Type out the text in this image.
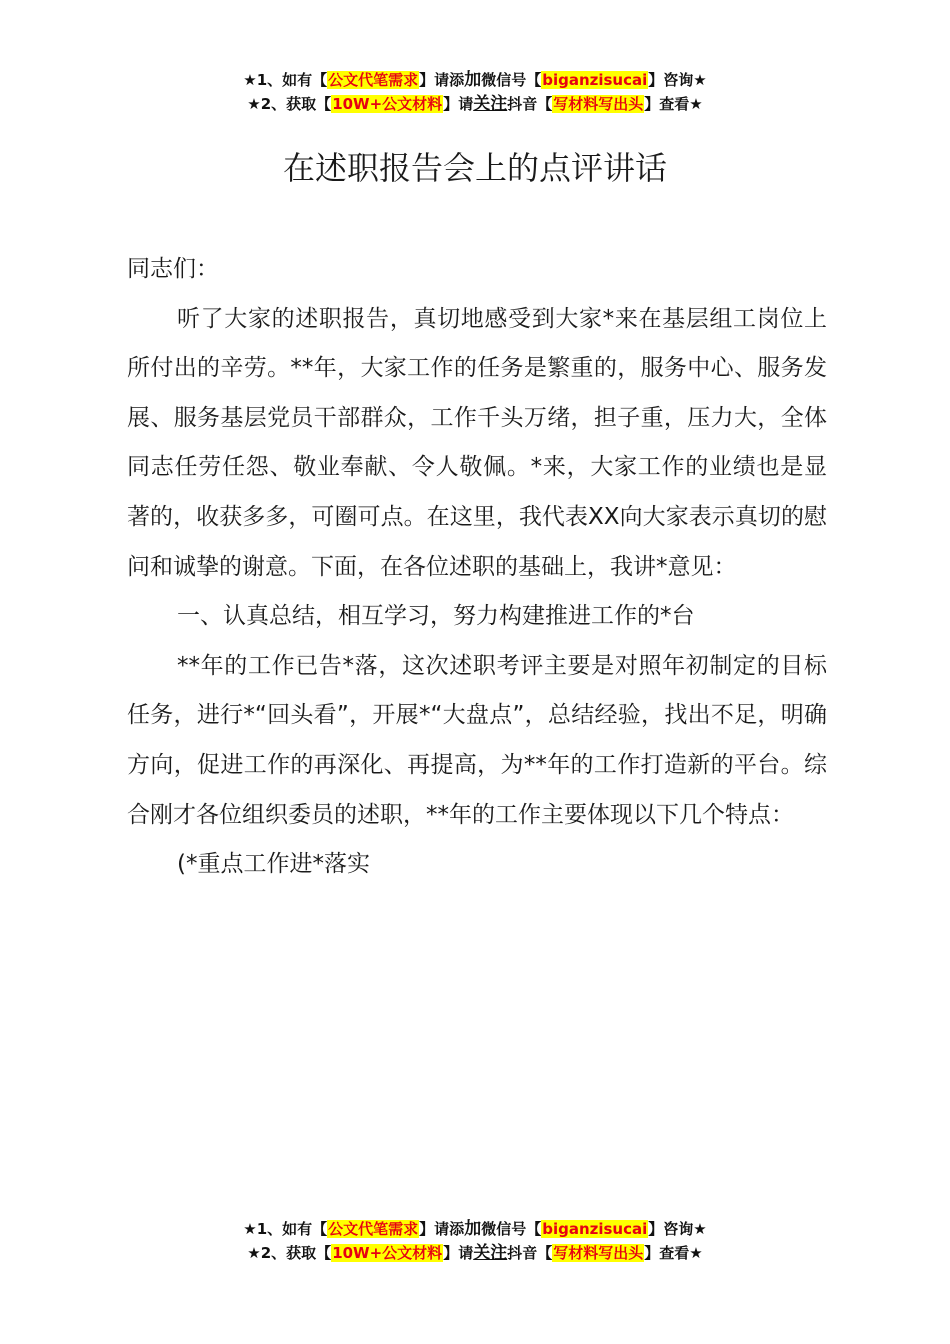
★1、如有【公文代笔需求】请添加微信号【biganzisucai】咨询★
★2、获取【10W+公文材料】请关注抖音【写材料写出头】查看★
在述职报告会上的点评讲话

同志们：

听了大家的述职报告，真切地感受到大家*来在基层组工岗位上所付出的辛劳。**年，大家工作的任务是繁重的，服务中心、服务发展、服务基层党员干部群众，工作千头万绪，担子重，压力大，全体同志任劳任怨、敬业奉献、令人敬佩。*来，大家工作的业绩也是显著的，收获多多，可圈可点。在这里，我代表XX向大家表示真切的慰问和诚挚的谢意。下面，在各位述职的基础上，我讲*意见：

一、认真总结，相互学习，努力构建推进工作的*台

**年的工作已告*落，这次述职考评主要是对照年初制定的目标任务，进行*“回头看”，开展*“大盘点”，总结经验，找出不足，明确方向，促进工作的再深化、再提高，为**年的工作打造新的平台。综合刚才各位组织委员的述职，**年的工作主要体现以下几个特点：

(*重点工作进*落实

★1、如有【公文代笔需求】请添加微信号【biganzisucai】咨询★
★2、获取【10W+公文材料】请关注抖音【写材料写出头】查看★
